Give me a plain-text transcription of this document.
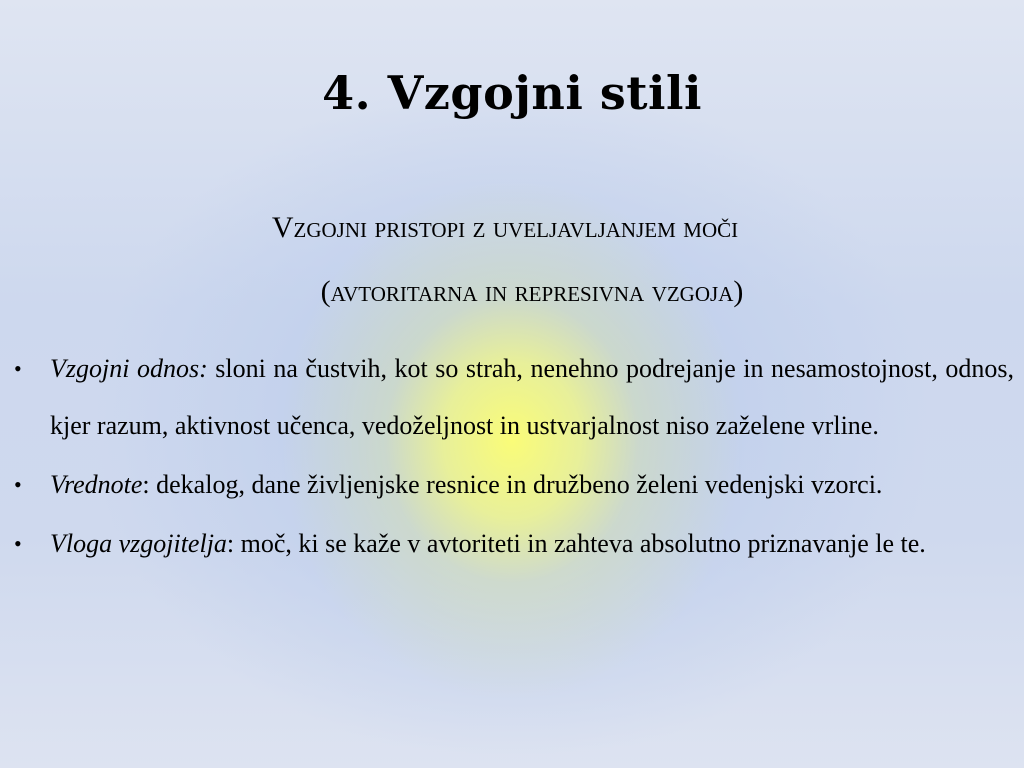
4. Vzgojni stili
Vzgojni pristopi z uveljavljanjem moči
(avtoritarna in represivna vzgoja)
•	Vzgojni odnos: sloni na čustvih, kot so strah, nenehno podrejanje in nesamostojnost, odnos, kjer razum, aktivnost učenca, vedoželjnost in ustvarjalnost niso zaželene vrline.
•	Vrednote: dekalog, dane življenjske resnice in družbeno želeni vedenjski vzorci.
•	Vloga vzgojitelja: moč, ki se kaže v avtoriteti in zahteva absolutno priznavanje le te.
